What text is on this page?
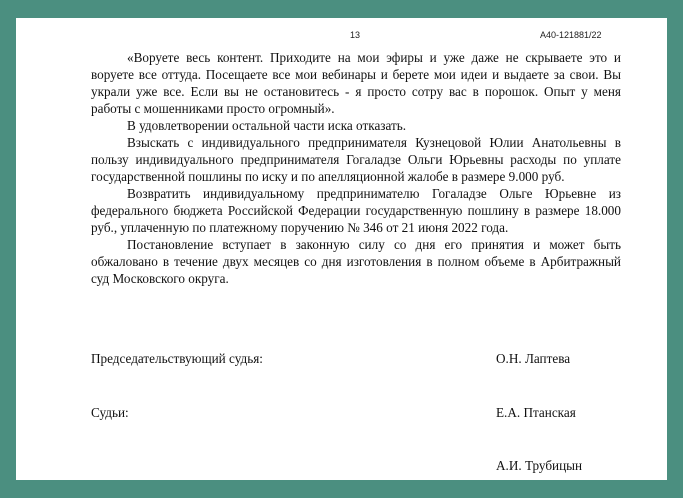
13	А40-121881/22

«Воруете весь контент. Приходите на мои эфиры и уже даже не скрываете это и воруете все оттуда. Посещаете все мои вебинары и берете мои идеи и выдаете за свои. Вы украли уже все. Если вы не остановитесь - я просто сотру вас в порошок. Опыт у меня работы с мошенниками просто огромный».

В удовлетворении остальной части иска отказать.

Взыскать с индивидуального предпринимателя Кузнецовой Юлии Анатольевны в пользу индивидуального предпринимателя Гогаладзе Ольги Юрьевны расходы по уплате государственной пошлины по иску и по апелляционной жалобе в размере 9.000 руб.

Возвратить индивидуальному предпринимателю Гогаладзе Ольге Юрьевне из федерального бюджета Российской Федерации государственную пошлину в размере 18.000 руб., уплаченную по платежному поручению № 346 от 21 июня 2022 года.

Постановление вступает в законную силу со дня его принятия и может быть обжаловано в течение двух месяцев со дня изготовления в полном объеме в Арбитражный суд Московского округа.

Председательствующий судья:	О.Н. Лаптева
Судьи:	Е.А. Птанская
А.И. Трубицын
